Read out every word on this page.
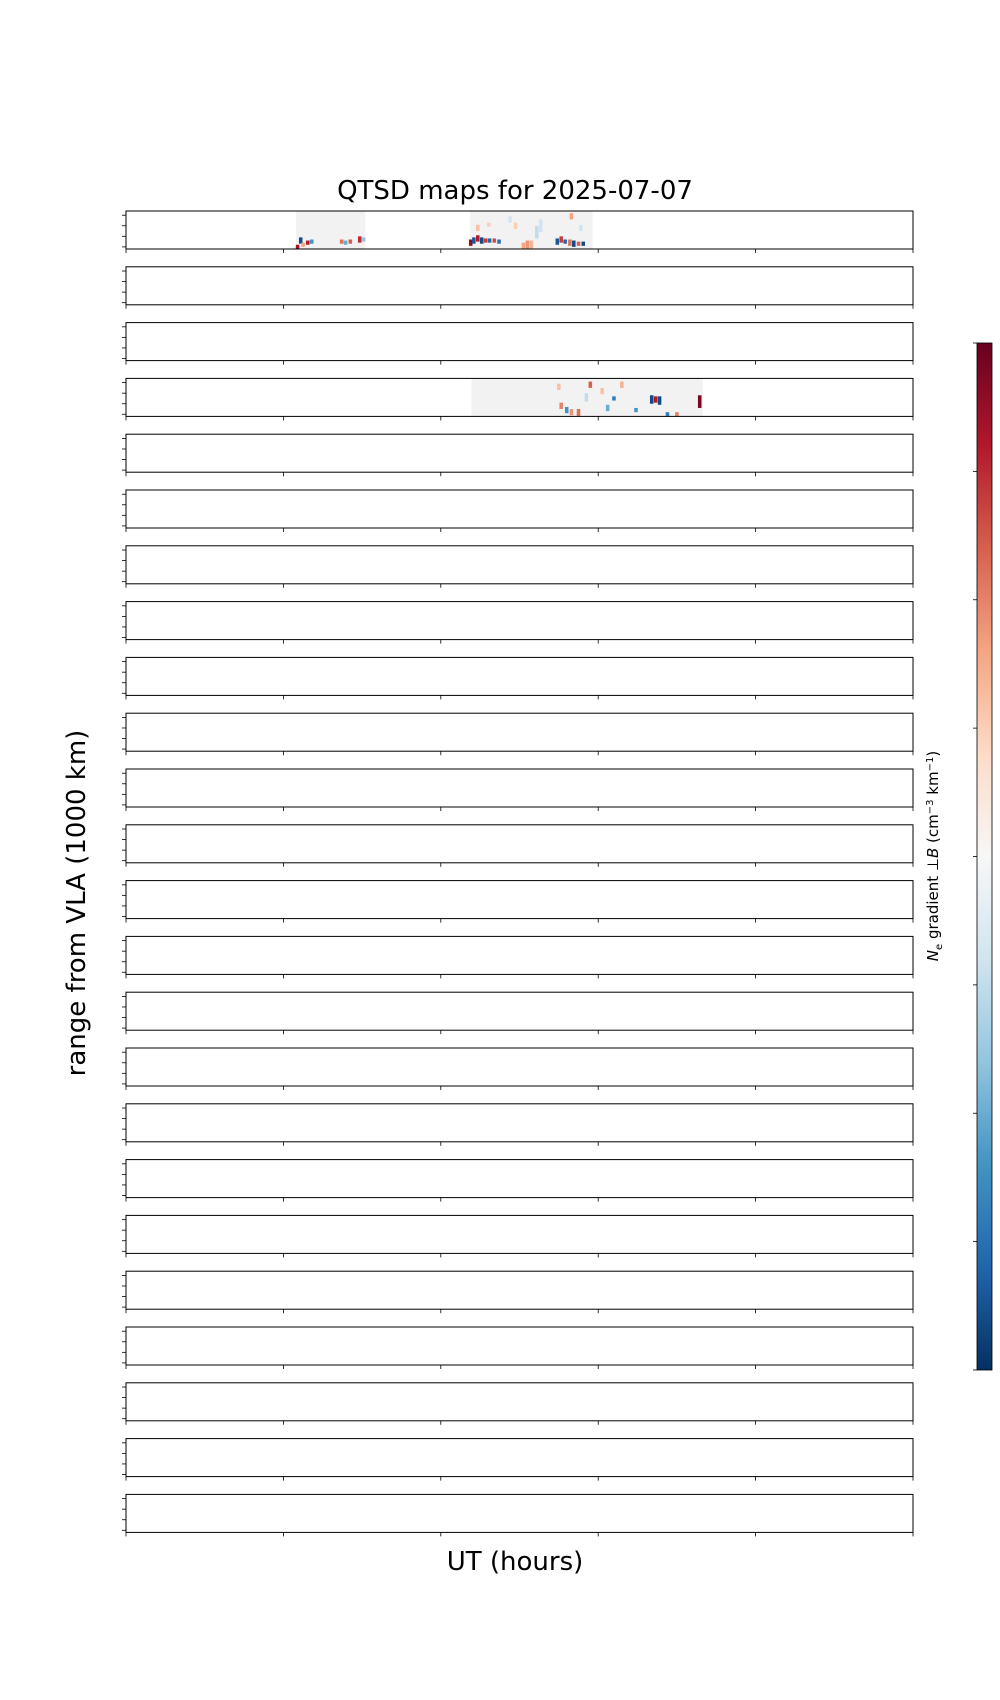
QTSD maps for 2025-07-07
UT (hours)
range from VLA (1000 km)	$N_e$ gradient ⊥B ($cm^{-3}$ $km^{-1}$)
